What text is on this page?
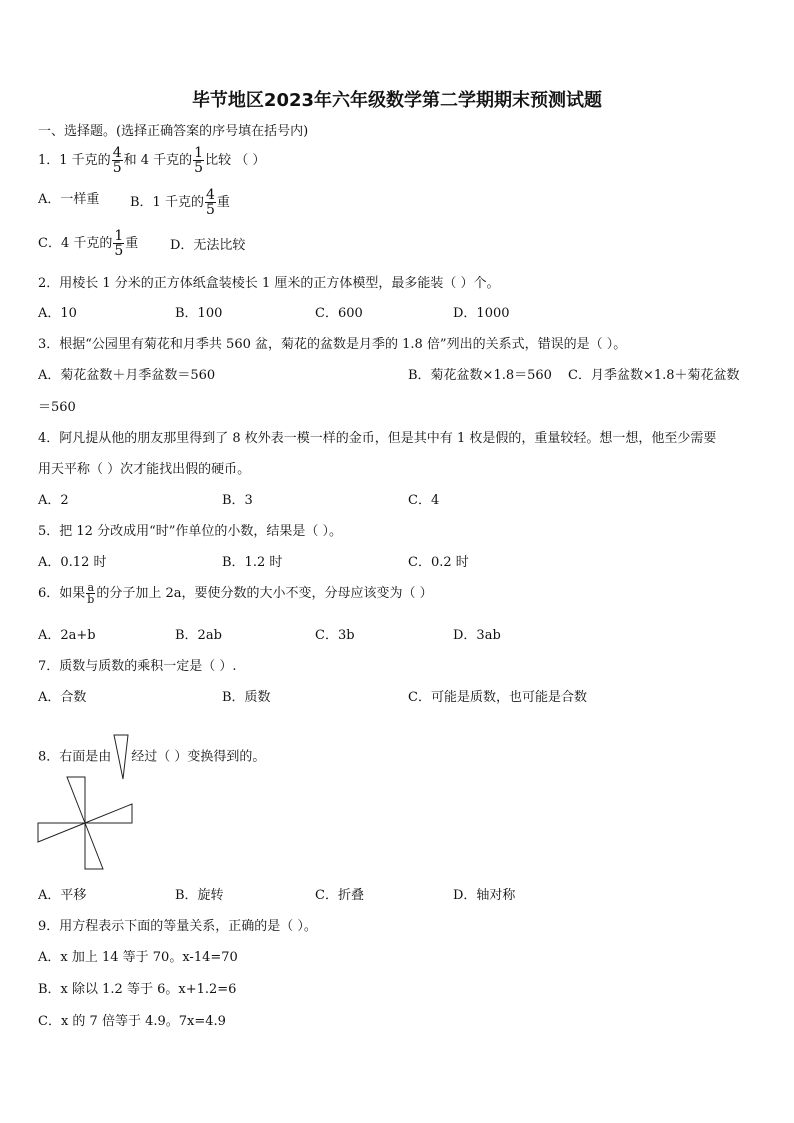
毕节地区2023年六年级数学第二学期期末预测试题
一、选择题。(选择正确答案的序号填在括号内)
1．1 千克的 $\frac{4}{5}$ 和 4 千克的 $\frac{1}{5}$ 比较 （ ）
A．一样重 B．1 千克的 $\frac{4}{5}$ 重
C．4 千克的 $\frac{1}{5}$ 重 D．无法比较
2．用棱长 1 分米的正方体纸盒装棱长 1 厘米的正方体模型，最多能装（ ）个。
A．10	B．100	C．600	D．1000
3．根据“公园里有菊花和月季共 560 盆，菊花的盆数是月季的 1.8 倍”列出的关系式，错误的是（ ）。
A．菊花盆数＋月季盆数＝560	B．菊花盆数×1.8＝560 C．月季盆数×1.8＋菊花盆数
＝560
4．阿凡提从他的朋友那里得到了 8 枚外表一模一样的金币，但是其中有 1 枚是假的，重量较轻。想一想，他至少需要
用天平称（ ）次才能找出假的硬币。
A．2	B．3	C．4
5．把 12 分改成用“时”作单位的小数，结果是（ ）。
A．0.12 时	B．1.2 时	C．0.2 时
6．如果 $\frac{a}{b}$ 的分子加上 2a，要使分数的大小不变，分母应该变为（ ）
A．2a+b	B．2ab	C．3b	D．3ab
7．质数与质数的乘积一定是（ ）.
A．合数	B．质数	C．可能是质数，也可能是合数
8．右面是由 经过（ ）变换得到的。
A．平移	B．旋转	C．折叠	D．轴对称
9．用方程表示下面的等量关系，正确的是（ ）。
A．x 加上 14 等于 70。x-14=70
B．x 除以 1.2 等于 6。x+1.2=6
C．x 的 7 倍等于 4.9。7x=4.9
